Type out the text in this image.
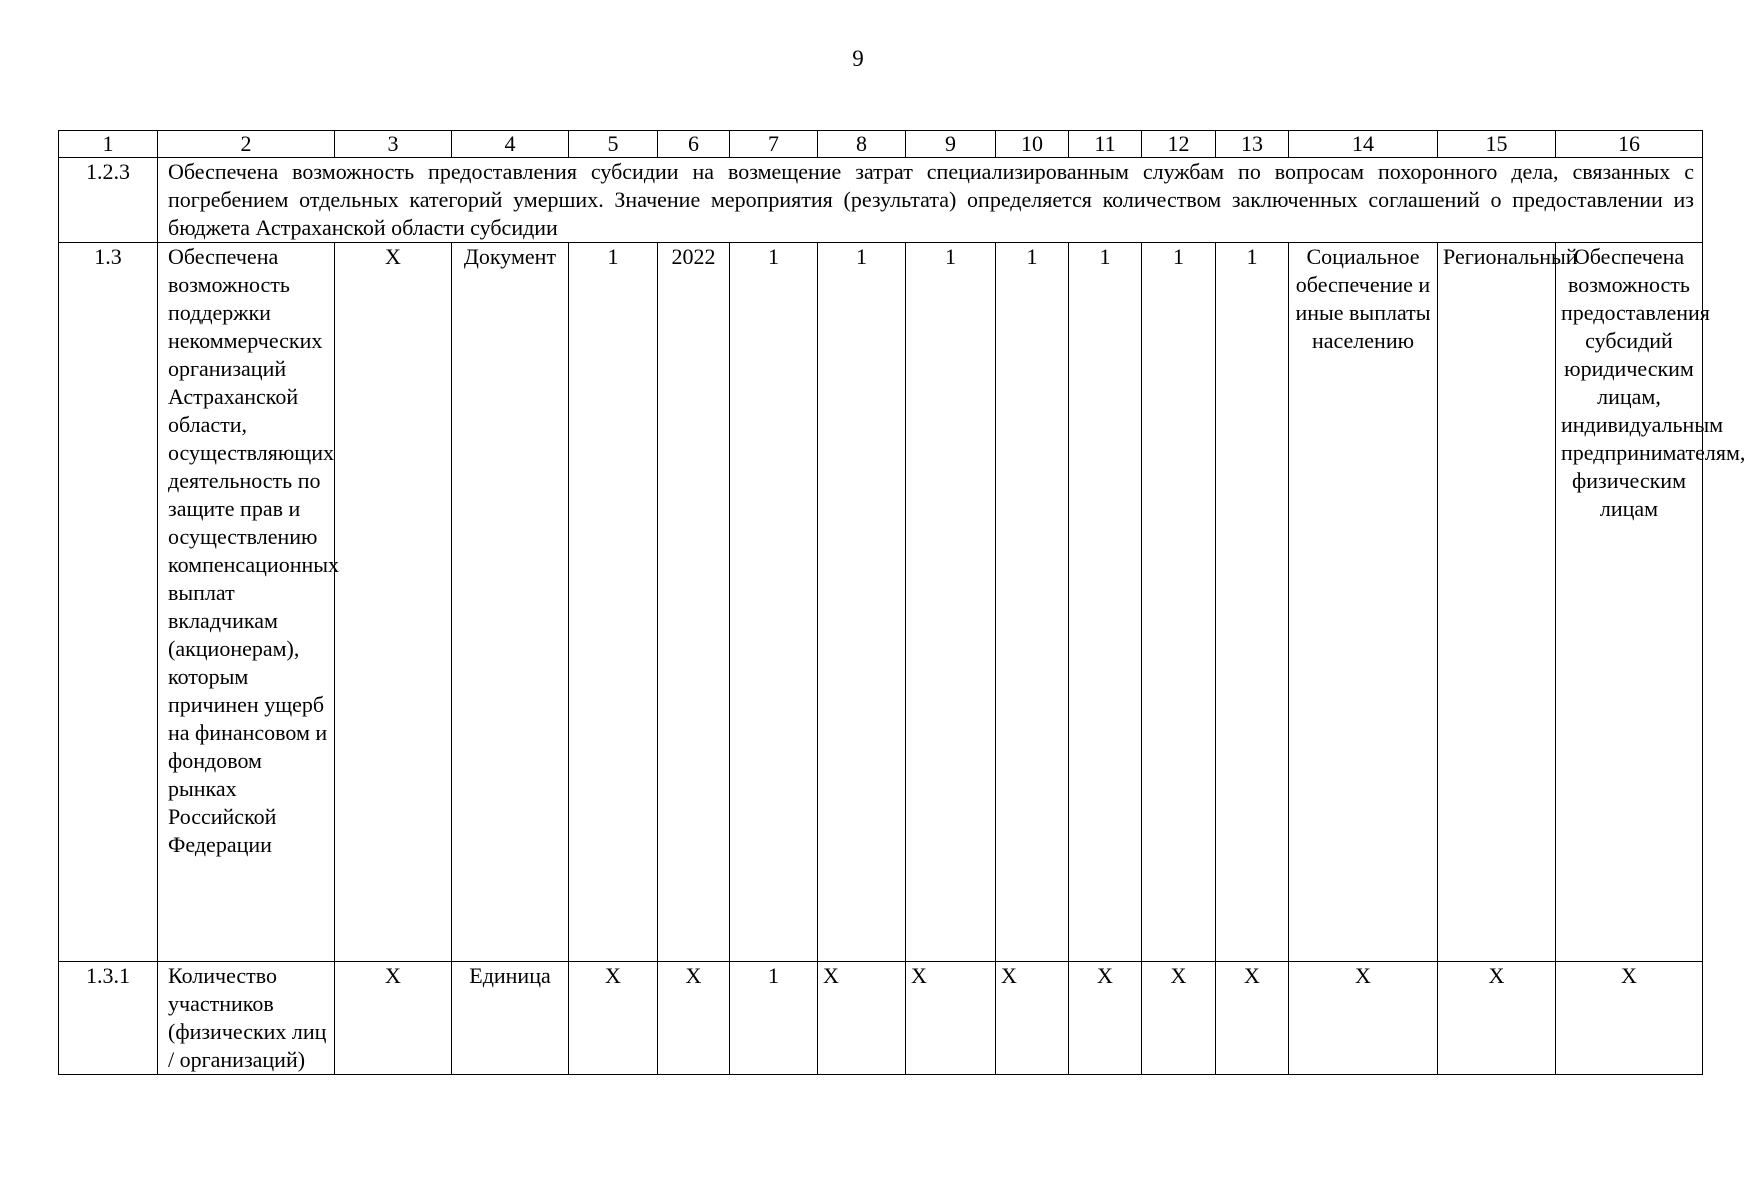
9
1	2	3	4	5	6	7	8	9	10	11	12	13	14	15	16
1.2.3	Обеспечена возможность предоставления субсидии на возмещение затрат специализированным службам по вопросам похоронного дела, связанных с погребением отдельных категорий умерших. Значение мероприятия (результата) определяется количеством заключенных соглашений о предоставлении из бюджета Астраханской области субсидии														
1.3	Обеспечена возможность поддержки некоммерческих организаций Астраханской области, осуществляющих деятельность по защите прав и осуществлению компенсационных выплат вкладчикам (акционерам), которым причинен ущерб на финансовом и фондовом рынках Российской Федерации	X	Документ	1	2022	1	1	1	1	1	1	1	Социальное обеспечение и иные выплаты населению	Региональный	Обеспечена возможность предоставления субсидий юридическим лицам, индивидуальным предпринимателям, физическим лицам
1.3.1	Количество участников (физических лиц / организаций)	X	Единица	X	X	1	X	X	X	X	X	X	X	X	X
